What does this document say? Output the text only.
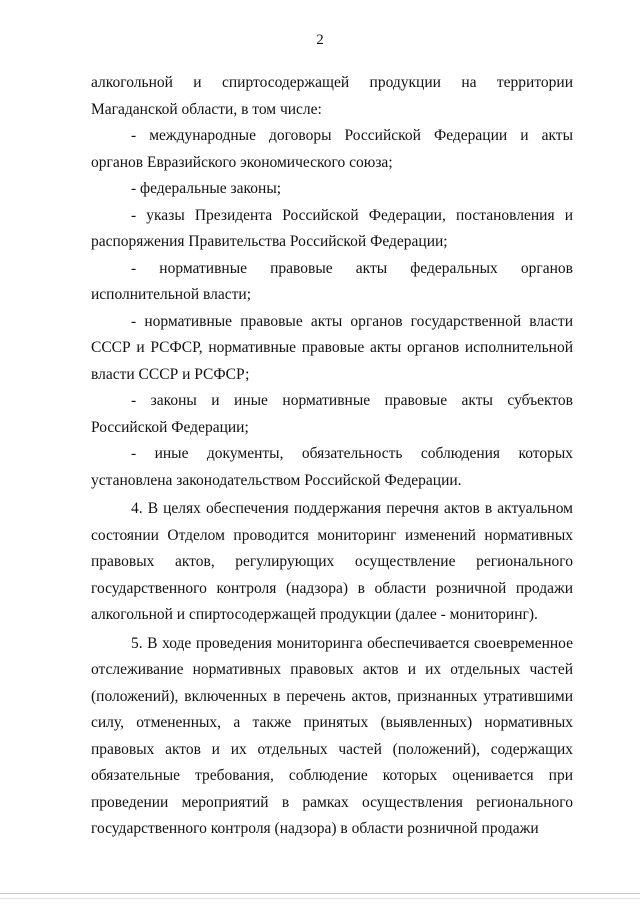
2

алкогольной и спиртосодержащей продукции на территории Магаданской области, в том числе:

- международные договоры Российской Федерации и акты органов Евразийского экономического союза;

- федеральные законы;

- указы Президента Российской Федерации, постановления и распоряжения Правительства Российской Федерации;

- нормативные правовые акты федеральных органов исполнительной власти;

- нормативные правовые акты органов государственной власти СССР и РСФСР, нормативные правовые акты органов исполнительной власти СССР и РСФСР;

- законы и иные нормативные правовые акты субъектов Российской Федерации;

- иные документы, обязательность соблюдения которых установлена законодательством Российской Федерации.

4. В целях обеспечения поддержания перечня актов в актуальном состоянии Отделом проводится мониторинг изменений нормативных правовых актов, регулирующих осуществление регионального государственного контроля (надзора) в области розничной продажи алкогольной и спиртосодержащей продукции (далее - мониторинг).

5. В ходе проведения мониторинга обеспечивается своевременное отслеживание нормативных правовых актов и их отдельных частей (положений), включенных в перечень актов, признанных утратившими силу, отмененных, а также принятых (выявленных) нормативных правовых актов и их отдельных частей (положений), содержащих обязательные требования, соблюдение которых оценивается при проведении мероприятий в рамках осуществления регионального государственного контроля (надзора) в области розничной продажи
